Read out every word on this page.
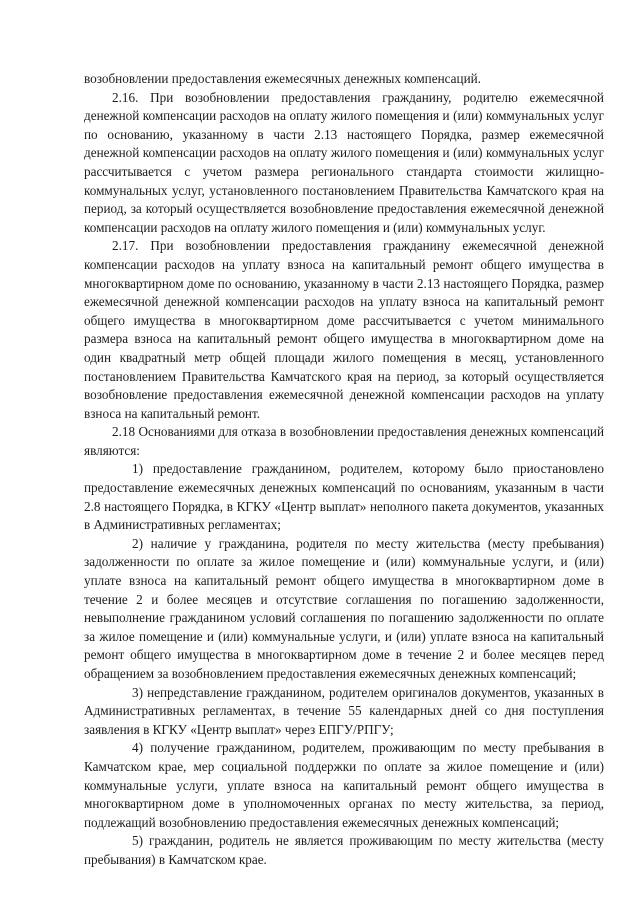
возобновлении предоставления ежемесячных денежных компенсаций.

2.16. При возобновлении предоставления гражданину, родителю ежемесячной денежной компенсации расходов на оплату жилого помещения и (или) коммунальных услуг по основанию, указанному в части 2.13 настоящего Порядка, размер ежемесячной денежной компенсации расходов на оплату жилого помещения и (или) коммунальных услуг рассчитывается с учетом размера регионального стандарта стоимости жилищно-коммунальных услуг, установленного постановлением Правительства Камчатского края на период, за который осуществляется возобновление предоставления ежемесячной денежной компенсации расходов на оплату жилого помещения и (или) коммунальных услуг.

2.17. При возобновлении предоставления гражданину ежемесячной денежной компенсации расходов на уплату взноса на капитальный ремонт общего имущества в многоквартирном доме по основанию, указанному в части 2.13 настоящего Порядка, размер ежемесячной денежной компенсации расходов на уплату взноса на капитальный ремонт общего имущества в многоквартирном доме рассчитывается с учетом минимального размера взноса на капитальный ремонт общего имущества в многоквартирном доме на один квадратный метр общей площади жилого помещения в месяц, установленного постановлением Правительства Камчатского края на период, за который осуществляется возобновление предоставления ежемесячной денежной компенсации расходов на уплату взноса на капитальный ремонт.

2.18 Основаниями для отказа в возобновлении предоставления денежных компенсаций являются:

1) предоставление гражданином, родителем, которому было приостановлено предоставление ежемесячных денежных компенсаций по основаниям, указанным в части 2.8 настоящего Порядка, в КГКУ «Центр выплат» неполного пакета документов, указанных в Административных регламентах;

2) наличие у гражданина, родителя по месту жительства (месту пребывания) задолженности по оплате за жилое помещение и (или) коммунальные услуги, и (или) уплате взноса на капитальный ремонт общего имущества в многоквартирном доме в течение 2 и более месяцев и отсутствие соглашения по погашению задолженности, невыполнение гражданином условий соглашения по погашению задолженности по оплате за жилое помещение и (или) коммунальные услуги, и (или) уплате взноса на капитальный ремонт общего имущества в многоквартирном доме в течение 2 и более месяцев перед обращением за возобновлением предоставления ежемесячных денежных компенсаций;

3) непредставление гражданином, родителем оригиналов документов, указанных в Административных регламентах, в течение 55 календарных дней со дня поступления заявления в КГКУ «Центр выплат» через ЕПГУ/РПГУ;

4) получение гражданином, родителем, проживающим по месту пребывания в Камчатском крае, мер социальной поддержки по оплате за жилое помещение и (или) коммунальные услуги, уплате взноса на капитальный ремонт общего имущества в многоквартирном доме в уполномоченных органах по месту жительства, за период, подлежащий возобновлению предоставления ежемесячных денежных компенсаций;

5) гражданин, родитель не является проживающим по месту жительства (месту пребывания) в Камчатском крае.
